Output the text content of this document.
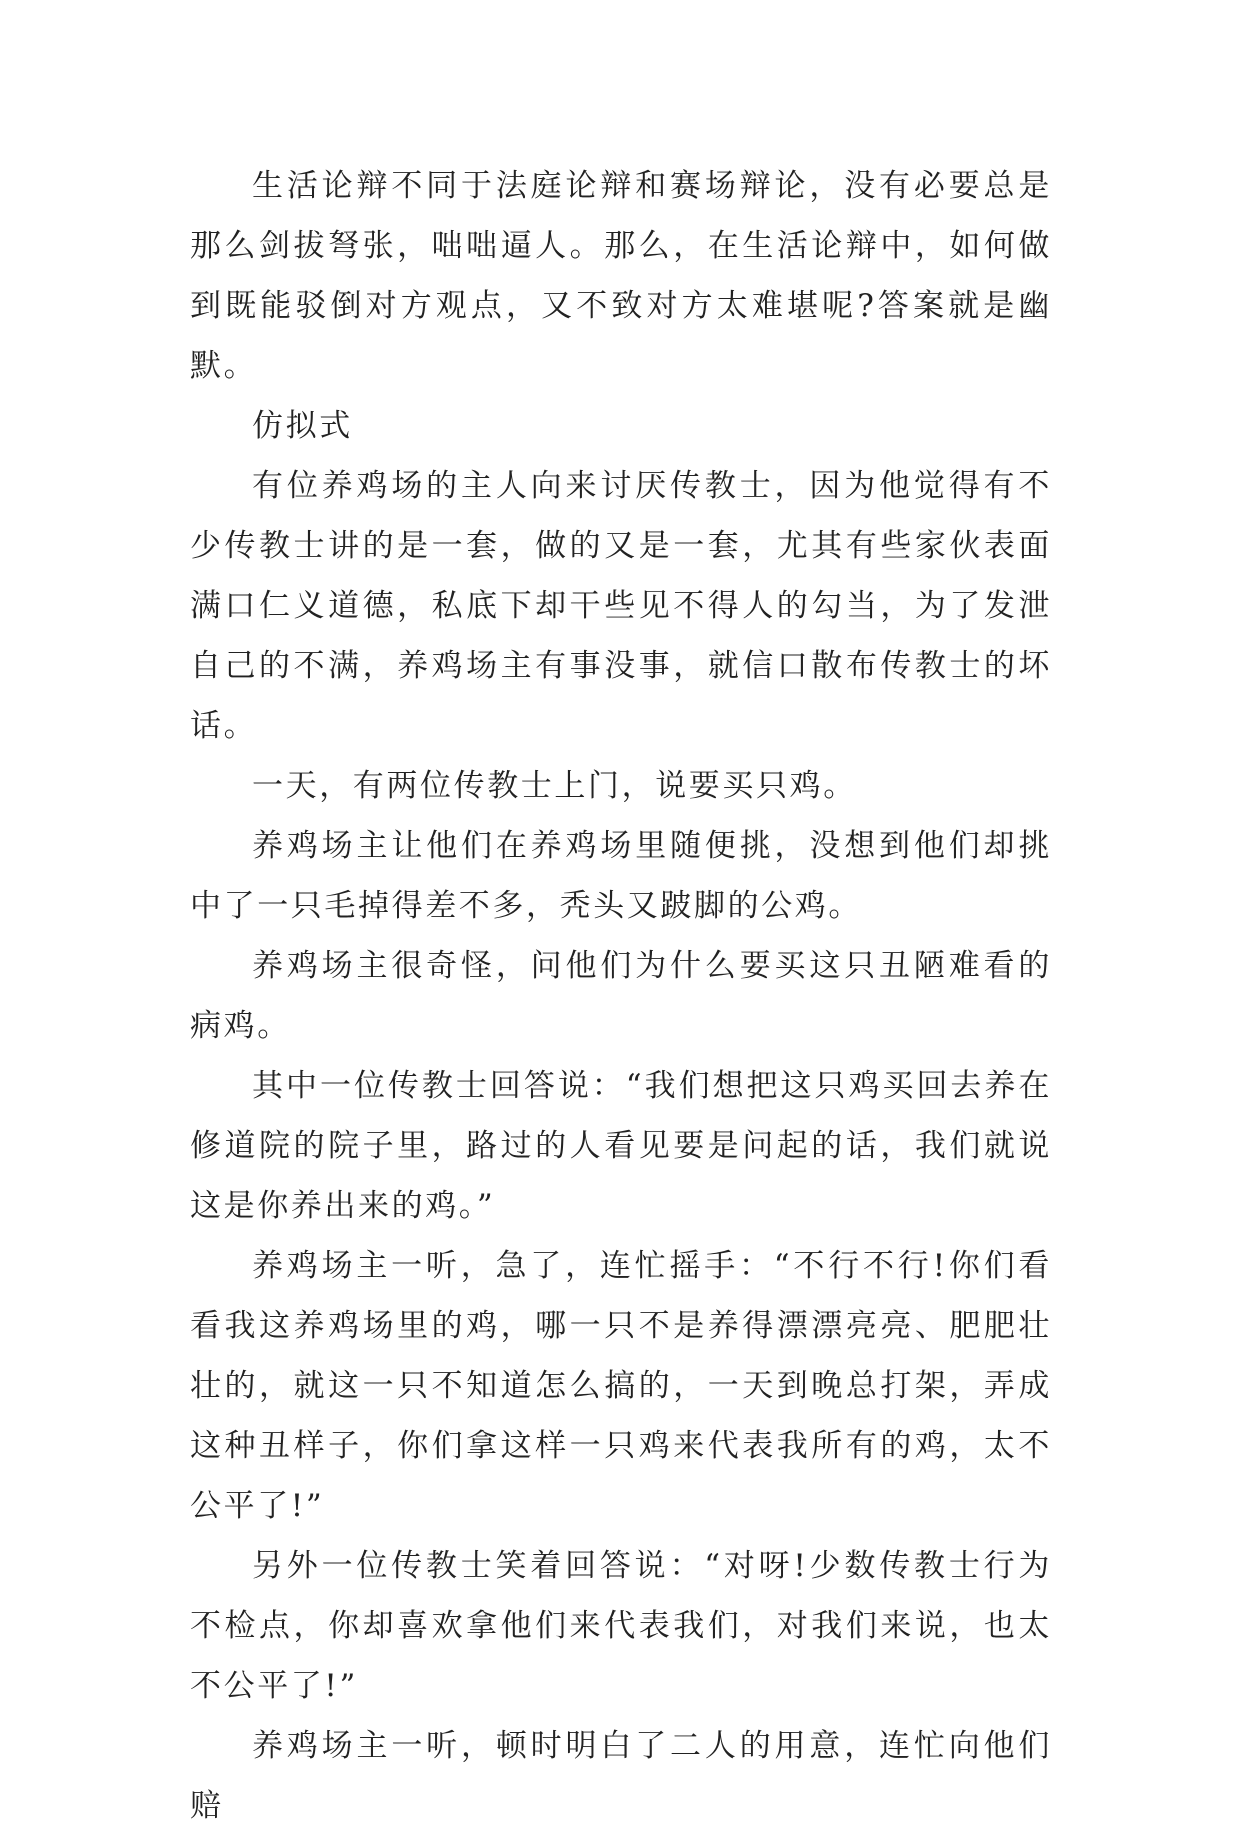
生活论辩不同于法庭论辩和赛场辩论，没有必要总是那么剑拔弩张，咄咄逼人。那么，在生活论辩中，如何做到既能驳倒对方观点，又不致对方太难堪呢?答案就是幽默。

仿拟式

有位养鸡场的主人向来讨厌传教士，因为他觉得有不少传教士讲的是一套，做的又是一套，尤其有些家伙表面满口仁义道德，私底下却干些见不得人的勾当，为了发泄自己的不满，养鸡场主有事没事，就信口散布传教士的坏话。

一天，有两位传教士上门，说要买只鸡。

养鸡场主让他们在养鸡场里随便挑，没想到他们却挑中了一只毛掉得差不多，秃头又跛脚的公鸡。

养鸡场主很奇怪，问他们为什么要买这只丑陋难看的病鸡。

其中一位传教士回答说：“我们想把这只鸡买回去养在修道院的院子里，路过的人看见要是问起的话，我们就说这是你养出来的鸡。”

养鸡场主一听，急了，连忙摇手：“不行不行!你们看看我这养鸡场里的鸡，哪一只不是养得漂漂亮亮、肥肥壮壮的，就这一只不知道怎么搞的，一天到晚总打架，弄成这种丑样子，你们拿这样一只鸡来代表我所有的鸡，太不公平了!”

另外一位传教士笑着回答说：“对呀!少数传教士行为不检点，你却喜欢拿他们来代表我们，对我们来说，也太不公平了!”

养鸡场主一听，顿时明白了二人的用意，连忙向他们赔
